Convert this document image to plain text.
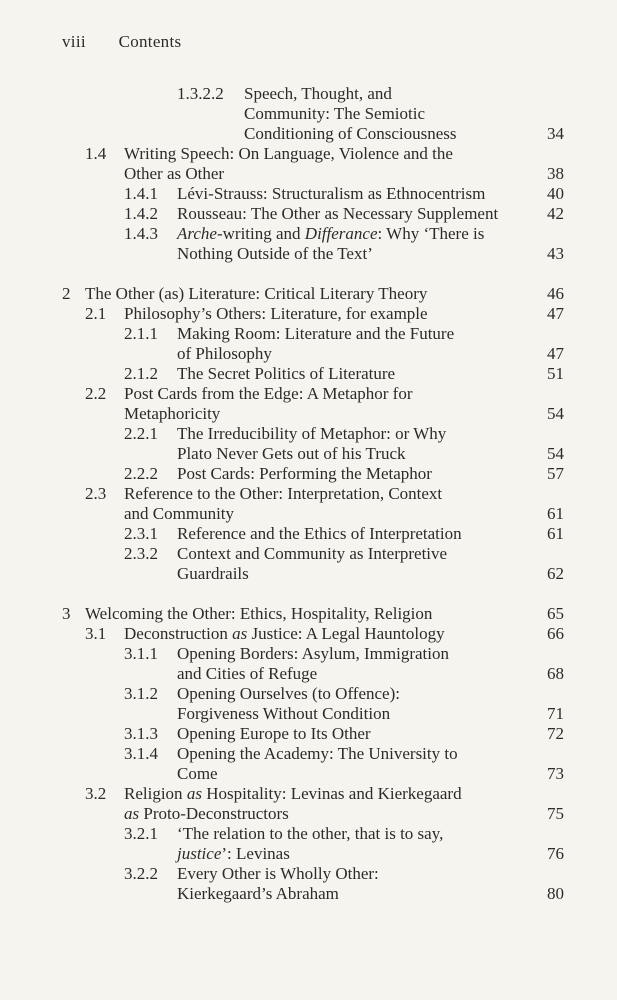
viii Contents
1.3.2.2 Speech, Thought, and
Community: The Semiotic
Conditioning of Consciousness	34
1.4 Writing Speech: On Language, Violence and the
Other as Other	38
1.4.1 Lévi-Strauss: Structuralism as Ethnocentrism	40
1.4.2 Rousseau: The Other as Necessary Supplement	42
1.4.3 Arche-writing and Differance: Why ‘There is
Nothing Outside of the Text’	43
2 The Other (as) Literature: Critical Literary Theory	46
2.1 Philosophy’s Others: Literature, for example	47
2.1.1 Making Room: Literature and the Future
of Philosophy	47
2.1.2 The Secret Politics of Literature	51
2.2 Post Cards from the Edge: A Metaphor for
Metaphoricity	54
2.2.1 The Irreducibility of Metaphor: or Why
Plato Never Gets out of his Truck	54
2.2.2 Post Cards: Performing the Metaphor	57
2.3 Reference to the Other: Interpretation, Context
and Community	61
2.3.1 Reference and the Ethics of Interpretation	61
2.3.2 Context and Community as Interpretive
Guardrails	62
3 Welcoming the Other: Ethics, Hospitality, Religion	65
3.1 Deconstruction as Justice: A Legal Hauntology	66
3.1.1 Opening Borders: Asylum, Immigration
and Cities of Refuge	68
3.1.2 Opening Ourselves (to Offence):
Forgiveness Without Condition	71
3.1.3 Opening Europe to Its Other	72
3.1.4 Opening the Academy: The University to
Come	73
3.2 Religion as Hospitality: Levinas and Kierkegaard
as Proto-Deconstructors	75
3.2.1 ‘The relation to the other, that is to say,
justice’: Levinas	76
3.2.2 Every Other is Wholly Other:
Kierkegaard’s Abraham	80
